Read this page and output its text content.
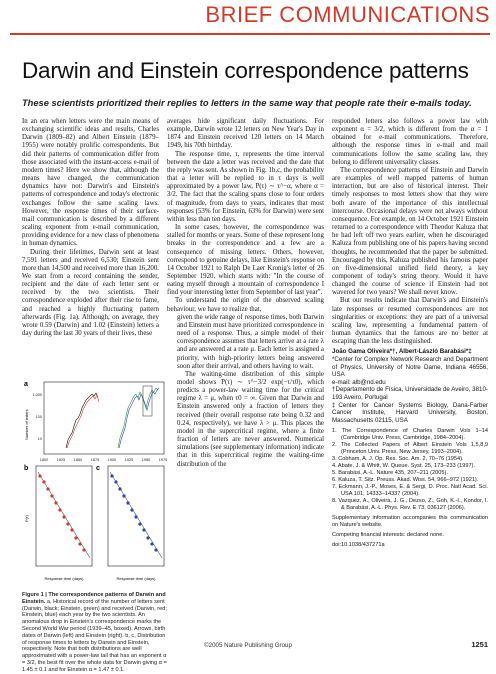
BRIEF COMMUNICATIONS
Darwin and Einstein correspondence patterns
These scientists prioritized their replies to letters in the same way that people rate their e-mails today.

In an era when letters were the main means of exchanging scientific ideas and results, Charles Darwin (1809–82) and Albert Einstein (1879–1955) were notably prolific correspondents. But did their patterns of communication differ from those associated with the instant-access e-mail of modern times? Here we show that, although the means have changed, the communication dynamics have not: Darwin's and Einstein's patterns of correspondence and today's electronic exchanges follow the same scaling laws. However, the response times of their surface-mail communication is described by a different scaling exponent from e-mail communication, providing evidence for a new class of phenomena in human dynamics.

During their lifetimes, Darwin sent at least 7,591 letters and received 6,530; Einstein sent more than 14,500 and received more than 16,200. We start from a record containing the sender, recipient and the date of each letter sent or received by the two scientists. Their correspondence exploded after their rise to fame, and reached a highly fluctuating pattern afterwards (Fig. 1a). Although, on average, they wrote 0.59 (Darwin) and 1.02 (Einstein) letters a day during the last 30 years of their lives, these

a
Number of letters 10
100
1,000
1800 1825 1850 1875 1900 1925 1950 1975
b
Response time (days)
P(τ)
c
Response time (days)
Figure 1 | The correspondence patterns of Darwin and Einstein. a, Historical record of the number of letters sent (Darwin, black; Einstein, green) and received (Darwin, red; Einstein, blue) each year by the two scientists. An anomalous drop in Einstein's correspondence marks the Second World War period (1939–45, boxed). Arrows, birth dates of Darwin (left) and Einstein (right). b, c, Distribution of response times to letters by Darwin and Einstein, respectively. Note that both distributions are well approximated with a power-law tail that has an exponent α = 3/2, the best fit over the whole data for Darwin giving α = 1.45 ± 0.1 and for Einstein α = 1.47 ± 0.1.

averages hide significant daily fluctuations. For example, Darwin wrote 12 letters on New Year's Day in 1874 and Einstein received 120 letters on 14 March 1949, his 70th birthday.

The response time, τ, represents the time interval between the date a letter was received and the date that the reply was sent. As shown in Fig. 1b,c, the probability that a letter will be replied to in τ days is well approximated by a power law, P(τ) ∼ τ^−α, where α = 3/2. The fact that the scaling spans close to four orders of magnitude, from days to years, indicates that most responses (53% for Einstein, 63% for Darwin) were sent within less than ten days.

In some cases, however, the correspondence was stalled for months or years. Some of these represent long breaks in the correspondence and a few are a consequence of missing letters. Others, however, correspond to genuine delays, like Einstein's response on 14 October 1921 to Ralph De Laer Kronig's letter of 26 September 1920, which starts with: "In the course of eating myself through a mountain of correspondence I find your interesting letter from September of last year".

To understand the origin of the observed scaling behaviour, we have to realize that,

given the wide range of response times, both Darwin and Einstein must have prioritized correspondence in need of a response. Thus, a simple model of their correspondence assumes that letters arrive at a rate λ and are answered at a rate μ. Each letter is assigned a priority, with high-priority letters being answered soon after their arrival, and others having to wait.

The waiting-time distribution of this simple model shows P(τ) ∼ τ^−3/2 exp(−τ/τ0), which predicts a power-law waiting time for the critical regime λ = μ, when τ0 = ∞. Given that Darwin and Einstein answered only a fraction of letters they received (their overall response rate being 0.32 and 0.24, respectively), we have λ > μ. This places the model in the supercritical regime, where a finite fraction of letters are never answered. Numerical simulations (see supplementary information) indicate that in this supercritical regime the waiting-time distribution of the

responded letters also follows a power law with exponent α = 3/2, which is different from the α = 1 obtained for e-mail communications. Therefore, although the response times in e-mail and mail communications follow the same scaling law, they belong to different universality classes.

The correspondence patterns of Einstein and Darwin are examples of well mapped patterns of human interaction, but are also of historical interest. Their timely responses to most letters show that they were both aware of the importance of this intellectual intercourse. Occasional delays were not always without consequence. For example, on 14 October 1921 Einstein returned to a correspondence with Theodor Kaluza that he had left off two years earlier, when he discouraged Kaluza from publishing one of his papers having second thoughts, he recommended that the paper be submitted. Encouraged by this, Kaluza published his famous paper on five-dimensional unified field theory, a key component of today's string theory. Would it have changed the course of science if Einstein had not wavered for two years? We shall never know.

But our results indicate that Darwin's and Einstein's late responses or resumed correspondences are not singularities or exceptions: they are part of a universal scaling law, representing a fundamental pattern of human dynamics that the famous are no better at escaping than the less distinguished.

João Gama Oliveira*†, Albert-László Barabási*‡
*Center for Complex Network Research and Department of Physics, University of Notre Dame, Indiana 46556, USA
e-mail: alb@nd.edu
†Departamento de Física, Universidade de Aveiro, 3810-193 Aveiro, Portugal
‡Center for Cancer Systems Biology, Dana-Farber Cancer Institute, Harvard University, Boston, Massachusetts 02115, USA
1. The Correspondence of Charles Darwin Vols 1–14 (Cambridge Univ. Press, Cambridge, 1984–2004).
2. The Collected Papers of Albert Einstein Vols 1,5,8,9 (Princeton Univ. Press, New Jersey, 1993–2004).
3. Cobham, A. J. Op. Res. Soc. Am. 2, 70–76 (1954).
4. Abate, J. & Whitt, W. Queue. Syst. 25, 173–233 (1997).
5. Barabási, A.-L. Nature 435, 207–211 (2005).
6. Kaluza, T. Sitz. Preuss. Akad. Wiss. 54, 966–972 (1921).
7. Eckmann, J.-P., Moses, E. & Sergi, D. Proc. Natl Acad. Sci. USA 101, 14333–14337 (2004).
8. Vazquez, A., Oliveira, J. G., Dezso, Z., Goh, K.-I., Kondor, I. & Barabási, A.-L. Phys. Rev. E 73, 036127 (2006).
Supplementary information accompanies this communication on Nature's website.
Competing financial interests: declared none.
doi:10.1038/437271a
©2005 Nature Publishing Group	1251
